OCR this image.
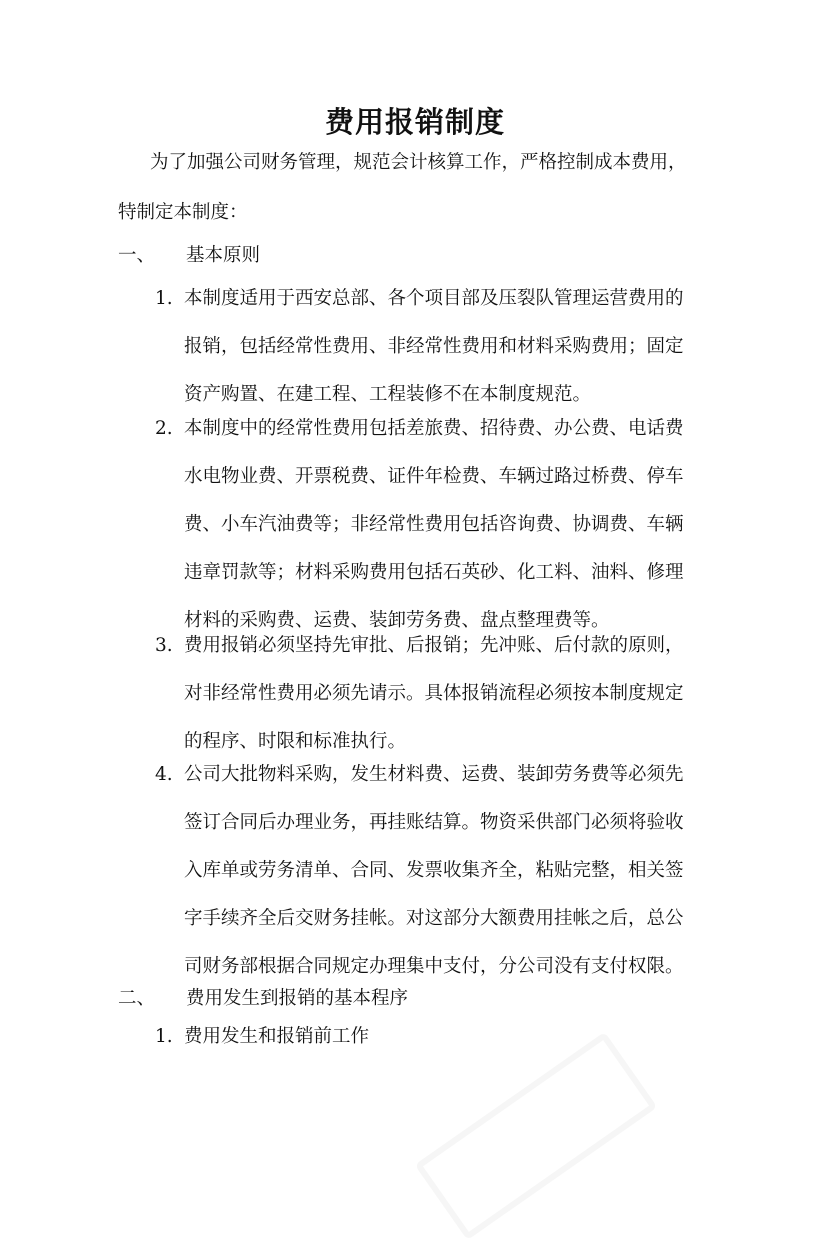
费用报销制度
为了加强公司财务管理，规范会计核算工作，严格控制成本费用，
特制定本制度：
一、 基本原则
1. 本制度适用于西安总部、各个项目部及压裂队管理运营费用的
报销，包括经常性费用、非经常性费用和材料采购费用；固定
资产购置、在建工程、工程装修不在本制度规范。
2. 本制度中的经常性费用包括差旅费、招待费、办公费、电话费
水电物业费、开票税费、证件年检费、车辆过路过桥费、停车
费、小车汽油费等；非经常性费用包括咨询费、协调费、车辆
违章罚款等；材料采购费用包括石英砂、化工料、油料、修理
材料的采购费、运费、装卸劳务费、盘点整理费等。
3. 费用报销必须坚持先审批、后报销；先冲账、后付款的原则，
对非经常性费用必须先请示。具体报销流程必须按本制度规定
的程序、时限和标准执行。
4. 公司大批物料采购，发生材料费、运费、装卸劳务费等必须先
签订合同后办理业务，再挂账结算。物资采供部门必须将验收
入库单或劳务清单、合同、发票收集齐全，粘贴完整，相关签
字手续齐全后交财务挂帐。对这部分大额费用挂帐之后，总公
司财务部根据合同规定办理集中支付，分公司没有支付权限。
二、 费用发生到报销的基本程序
1. 费用发生和报销前工作
